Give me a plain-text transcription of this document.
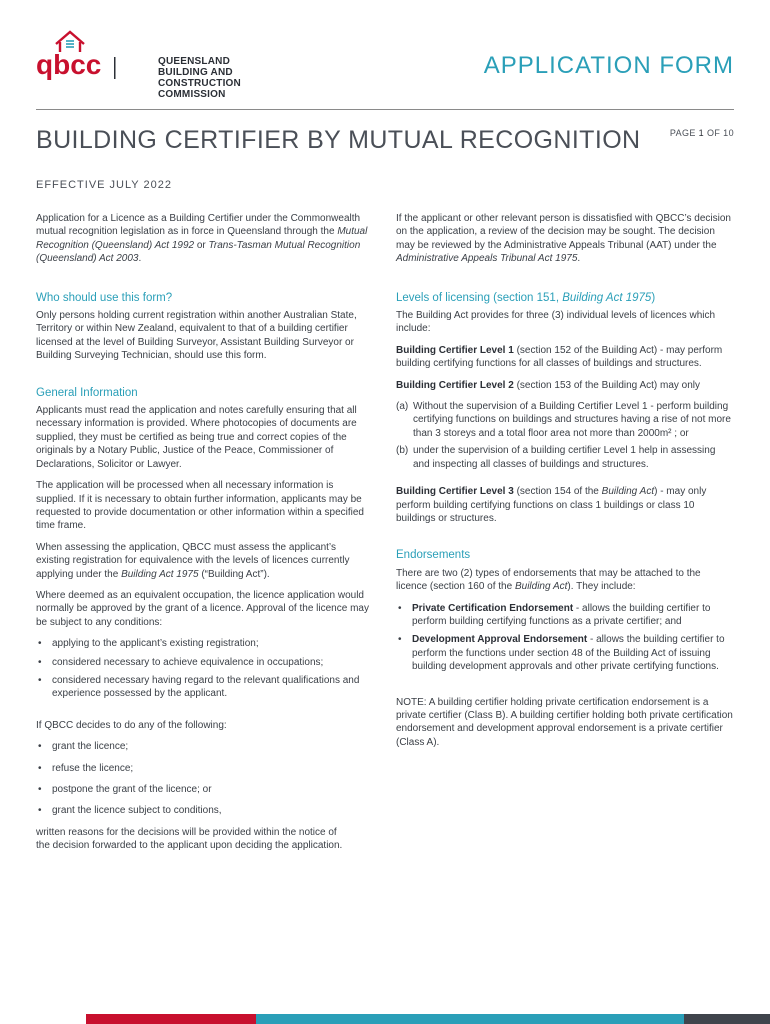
qbcc	QUEENSLAND BUILDING AND
CONSTRUCTION COMMISSION
APPLICATION FORM
BUILDING CERTIFIER BY MUTUAL RECOGNITION	PAGE 1 OF 10
EFFECTIVE JULY 2022

Application for a Licence as a Building Certifier under the Commonwealth mutual recognition legislation as in force in Queensland through the Mutual Recognition (Queensland) Act 1992 or Trans-Tasman Mutual Recognition (Queensland) Act 2003.

Who should use this form?

Only persons holding current registration within another Australian State, Territory or within New Zealand, equivalent to that of a building certifier licensed at the level of Building Surveyor, Assistant Building Surveyor or Building Surveying Technician, should use this form.

General Information

Applicants must read the application and notes carefully ensuring that all necessary information is provided. Where photocopies of documents are supplied, they must be certified as being true and correct copies of the originals by a Notary Public, Justice of the Peace, Commissioner of Declarations, Solicitor or Lawyer.

The application will be processed when all necessary information is supplied. If it is necessary to obtain further information, applicants may be requested to provide documentation or other information within a specified time frame.

When assessing the application, QBCC must assess the applicant’s existing registration for equivalence with the levels of licences currently applying under the Building Act 1975 (“Building Act”).

Where deemed as an equivalent occupation, the licence application would normally be approved by the grant of a licence. Approval of the licence may be subject to any conditions:

• applying to the applicant’s existing registration;
• considered necessary to achieve equivalence in occupations;
• considered necessary having regard to the relevant qualifications and experience possessed by the applicant.

If QBCC decides to do any of the following:

• grant the licence;
• refuse the licence;
• postpone the grant of the licence; or
• grant the licence subject to conditions,

written reasons for the decisions will be provided within the notice of the decision forwarded to the applicant upon deciding the application.

If the applicant or other relevant person is dissatisfied with QBCC’s decision on the application, a review of the decision may be sought. The decision may be reviewed by the Administrative Appeals Tribunal (AAT) under the Administrative Appeals Tribunal Act 1975.

Levels of licensing (section 151, Building Act 1975)

The Building Act provides for three (3) individual levels of licences which include:

Building Certifier Level 1 (section 152 of the Building Act) - may perform building certifying functions for all classes of buildings and structures.

Building Certifier Level 2 (section 153 of the Building Act) may only

(a) Without the supervision of a Building Certifier Level 1 - perform building certifying functions on buildings and structures having a rise of not more than 3 storeys and a total floor area not more than 2000m² ; or
(b) under the supervision of a building certifier Level 1 help in assessing and inspecting all classes of buildings and structures.

Building Certifier Level 3 (section 154 of the Building Act) - may only perform building certifying functions on class 1 buildings or class 10 buildings or structures.

Endorsements

There are two (2) types of endorsements that may be attached to the licence (section 160 of the Building Act). They include:

• Private Certification Endorsement - allows the building certifier to perform building certifying functions as a private certifier; and
• Development Approval Endorsement - allows the building certifier to perform the functions under section 48 of the Building Act of issuing building development approvals and other private certifying functions.

NOTE: A building certifier holding private certification endorsement is a private certifier (Class B). A building certifier holding both private certification endorsement and development approval endorsement is a private certifier (Class A).
